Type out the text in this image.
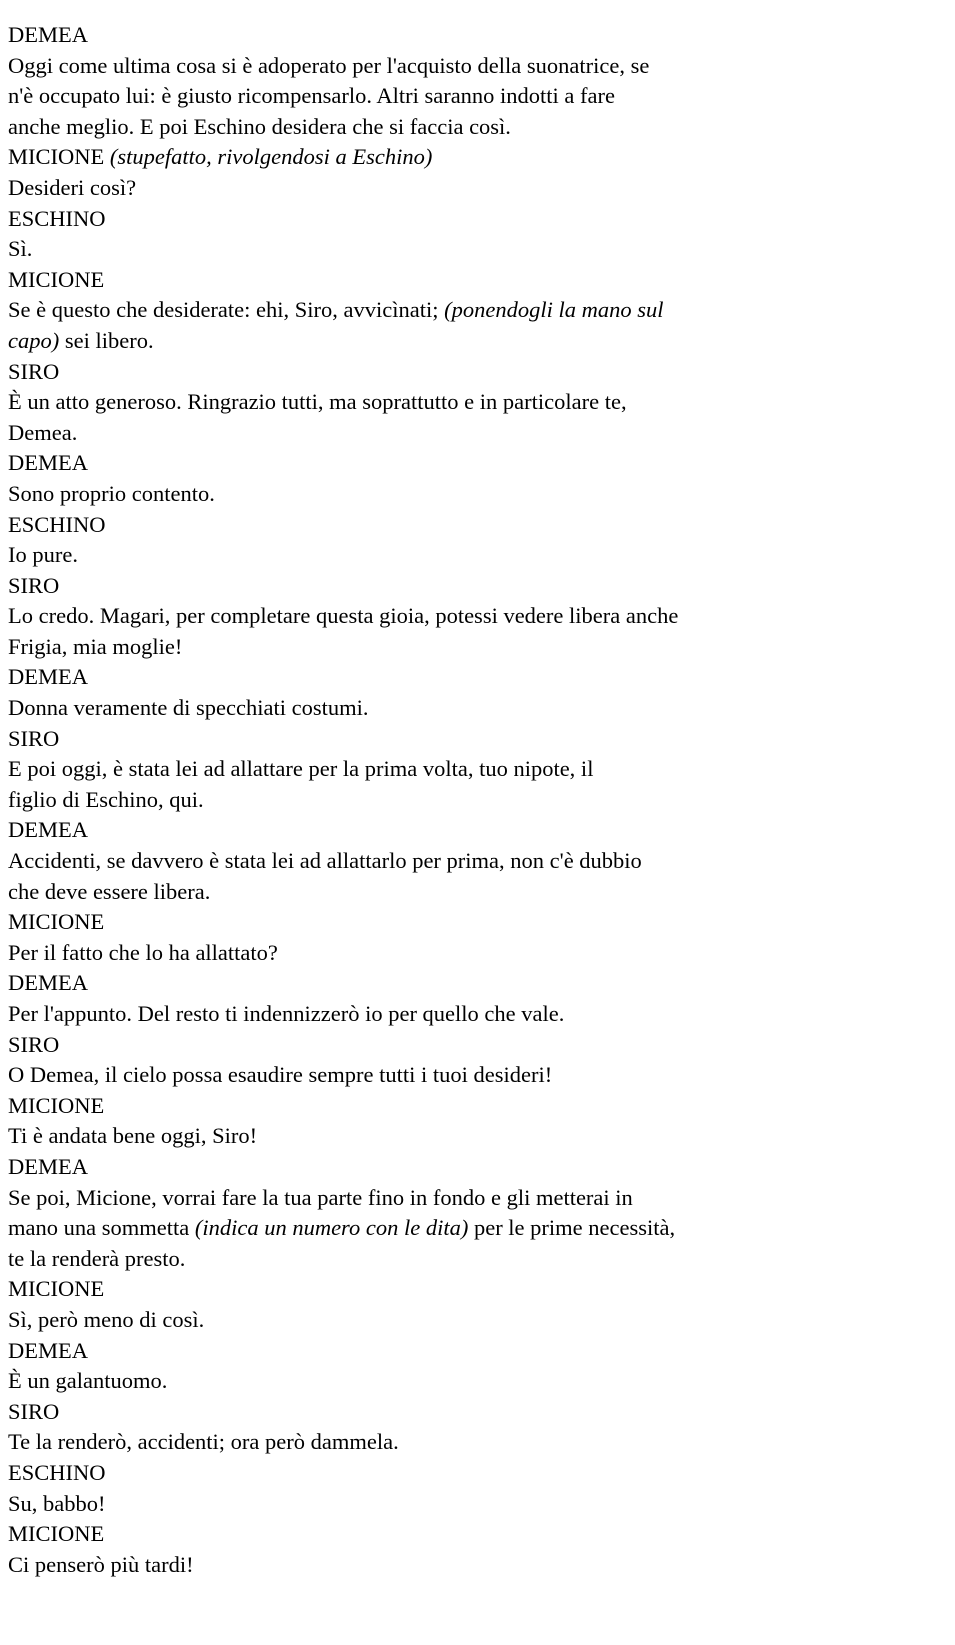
DEMEA
Oggi come ultima cosa si è adoperato per l'acquisto della suonatrice, se
n'è occupato lui: è giusto ricompensarlo. Altri saranno indotti a fare
anche meglio. E poi Eschino desidera che si faccia così.
MICIONE (stupefatto, rivolgendosi a Eschino)
Desideri così?
ESCHINO
Sì.
MICIONE
Se è questo che desiderate: ehi, Siro, avvicìnati; (ponendogli la mano sul
capo) sei libero.
SIRO
È un atto generoso. Ringrazio tutti, ma soprattutto e in particolare te,
Demea.
DEMEA
Sono proprio contento.
ESCHINO
Io pure.
SIRO
Lo credo. Magari, per completare questa gioia, potessi vedere libera anche
Frigia, mia moglie!
DEMEA
Donna veramente di specchiati costumi.
SIRO
E poi oggi, è stata lei ad allattare per la prima volta, tuo nipote, il
figlio di Eschino, qui.
DEMEA
Accidenti, se davvero è stata lei ad allattarlo per prima, non c'è dubbio
che deve essere libera.
MICIONE
Per il fatto che lo ha allattato?
DEMEA
Per l'appunto. Del resto ti indennizzerò io per quello che vale.
SIRO
O Demea, il cielo possa esaudire sempre tutti i tuoi desideri!
MICIONE
Ti è andata bene oggi, Siro!
DEMEA
Se poi, Micione, vorrai fare la tua parte fino in fondo e gli metterai in
mano una sommetta (indica un numero con le dita) per le prime necessità,
te la renderà presto.
MICIONE
Sì, però meno di così.
DEMEA
È un galantuomo.
SIRO
Te la renderò, accidenti; ora però dammela.
ESCHINO
Su, babbo!
MICIONE
Ci penserò più tardi!
